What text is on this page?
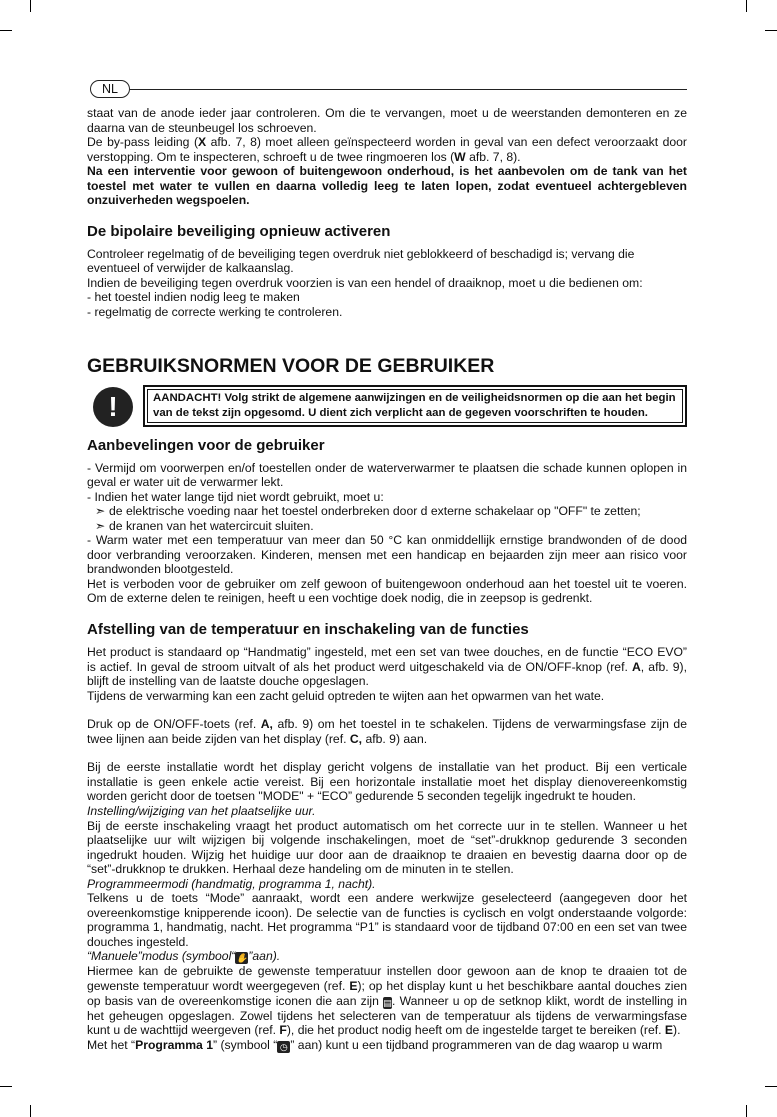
NL

staat van de anode ieder jaar controleren. Om die te vervangen, moet u de weerstanden demonteren en ze daarna van de steunbeugel los schroeven.

De by-pass leiding (X afb. 7, 8) moet alleen geïnspecteerd worden in geval van een defect veroorzaakt door verstopping. Om te inspecteren, schroeft u de twee ringmoeren los (W afb. 7, 8).

Na een interventie voor gewoon of buitengewoon onderhoud, is het aanbevolen om de tank van het toestel met water te vullen en daarna volledig leeg te laten lopen, zodat eventueel achtergebleven onzuiverheden wegspoelen.

De bipolaire beveiliging opnieuw activeren

Controleer regelmatig of de beveiliging tegen overdruk niet geblokkeerd of beschadigd is; vervang die eventueel of verwijder de kalkaanslag.

Indien de beveiliging tegen overdruk voorzien is van een hendel of draaiknop, moet u die bedienen om:

- het toestel indien nodig leeg te maken

- regelmatig de correcte werking te controleren.

GEBRUIKSNORMEN VOOR DE GEBRUIKER
!	AANDACHT! Volg strikt de algemene aanwijzingen en de veiligheidsnormen op die aan het begin
van de tekst zijn opgesomd. U dient zich verplicht aan de gegeven voorschriften te houden.
Aanbevelingen voor de gebruiker

- Vermijd om voorwerpen en/of toestellen onder de waterverwarmer te plaatsen die schade kunnen oplopen in geval er water uit de verwarmer lekt.

- Indien het water lange tijd niet wordt gebruikt, moet u:

➣ de elektrische voeding naar het toestel onderbreken door d externe schakelaar op "OFF" te zetten;
➣ de kranen van het watercircuit sluiten.

- Warm water met een temperatuur van meer dan 50 °C kan onmiddellijk ernstige brandwonden of de dood door verbranding veroorzaken. Kinderen, mensen met een handicap en bejaarden zijn meer aan risico voor brandwonden blootgesteld.

Het is verboden voor de gebruiker om zelf gewoon of buitengewoon onderhoud aan het toestel uit te voeren. Om de externe delen te reinigen, heeft u een vochtige doek nodig, die in zeepsop is gedrenkt.

Afstelling van de temperatuur en inschakeling van de functies

Het product is standaard op “Handmatig” ingesteld, met een set van twee douches, en de functie “ECO EVO” is actief. In geval de stroom uitvalt of als het product werd uitgeschakeld via de ON/OFF-knop (ref. A, afb. 9), blijft de instelling van de laatste douche opgeslagen.

Tijdens de verwarming kan een zacht geluid optreden te wijten aan het opwarmen van het wate.

Druk op de ON/OFF-toets (ref. A, afb. 9) om het toestel in te schakelen. Tijdens de verwarmingsfase zijn de twee lijnen aan beide zijden van het display (ref. C, afb. 9) aan.

Bij de eerste installatie wordt het display gericht volgens de installatie van het product. Bij een verticale installatie is geen enkele actie vereist. Bij een horizontale installatie moet het display dienovereenkomstig worden gericht door de toetsen "MODE" + “ECO” gedurende 5 seconden tegelijk ingedrukt te houden.

Instelling/wijziging van het plaatselijke uur.

Bij de eerste inschakeling vraagt het product automatisch om het correcte uur in te stellen. Wanneer u het plaatselijke uur wilt wijzigen bij volgende inschakelingen, moet de “set”-drukknop gedurende 3 seconden ingedrukt houden. Wijzig het huidige uur door aan de draaiknop te draaien en bevestig daarna door op de “set”-drukknop te drukken. Herhaal deze handeling om de minuten in te stellen.

Programmeermodi (handmatig, programma 1, nacht).

Telkens u de toets “Mode” aanraakt, wordt een andere werkwijze geselecteerd (aangegeven door het overeenkomstige knipperende icoon). De selectie van de functies is cyclisch en volgt onderstaande volgorde: programma 1, handmatig, nacht. Het programma “P1” is standaard voor de tijdband 07:00 en een set van twee douches ingesteld.

“Manuele”modus (symbool“✋”aan).

Hiermee kan de gebruikte de gewenste temperatuur instellen door gewoon aan de knop te draaien tot de gewenste temperatuur wordt weergegeven (ref. E); op het display kunt u het beschikbare aantal douches zien op basis van de overeenkomstige iconen die aan zijn ▤. Wanneer u op de setknop klikt, wordt de instelling in het geheugen opgeslagen. Zowel tijdens het selecteren van de temperatuur als tijdens de verwarmingsfase kunt u de wachttijd weergeven (ref. F), die het product nodig heeft om de ingestelde target te bereiken (ref. E).

Met het “Programma 1” (symbool “ ◷ ” aan) kunt u een tijdband programmeren van de dag waarop u warm
